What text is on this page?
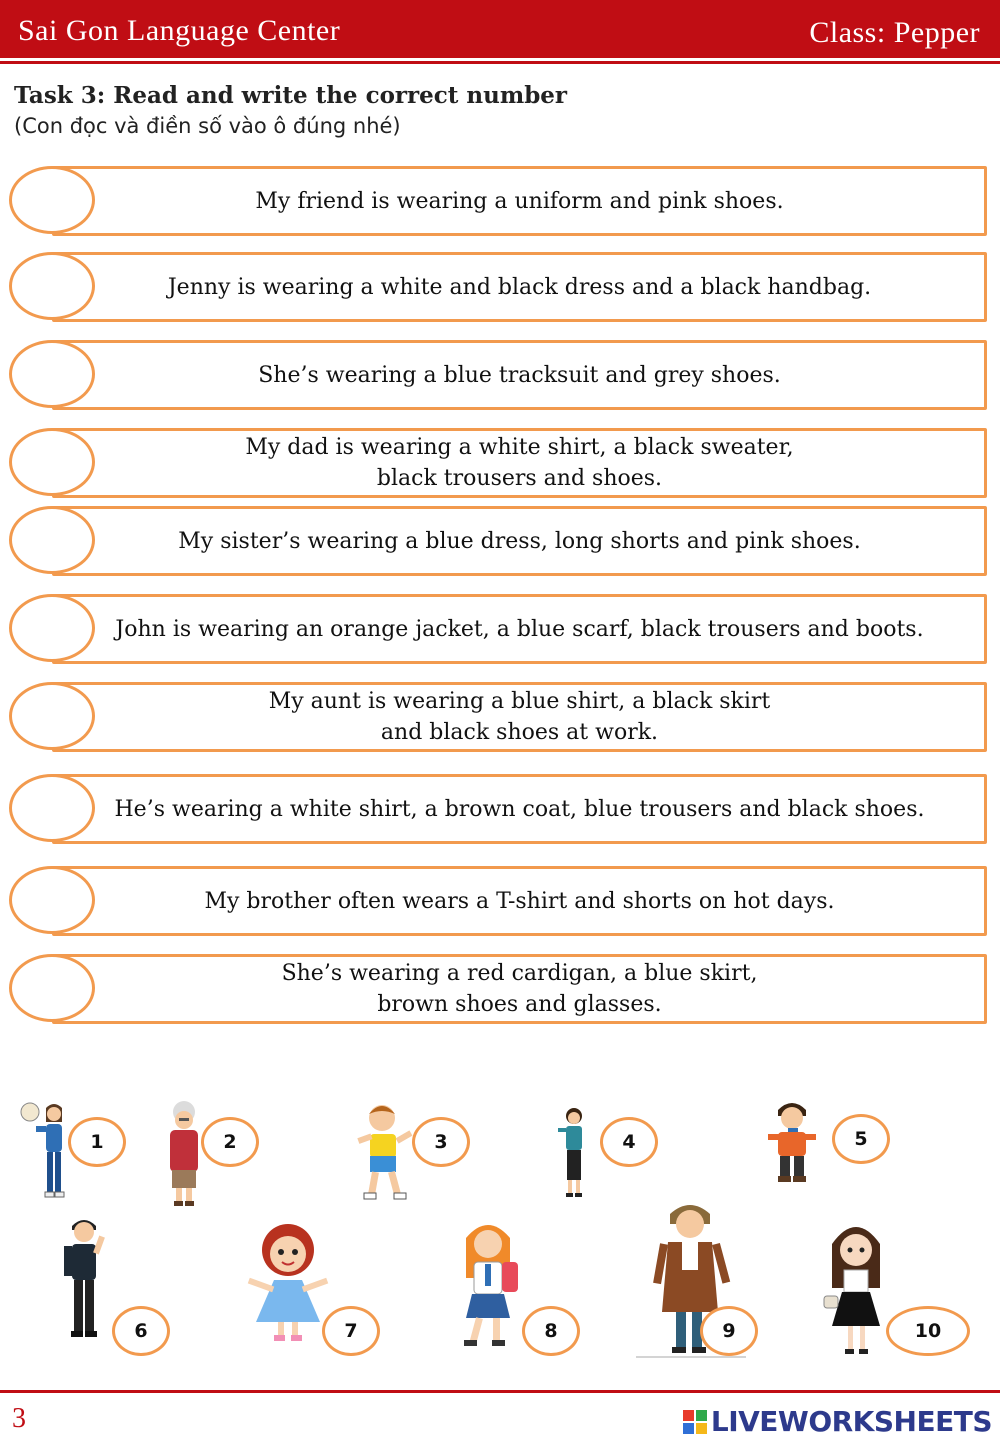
Sai Gon Language Center	Class: Pepper
Task 3: Read and write the correct number
(Con đọc và điền số vào ô đúng nhé)
My friend is wearing a uniform and pink shoes.
Jenny is wearing a white and black dress and a black handbag.
She’s wearing a blue tracksuit and grey shoes.
My dad is wearing a white shirt, a black sweater,
black trousers and shoes.
My sister’s wearing a blue dress, long shorts and pink shoes.
John is wearing an orange jacket, a blue scarf, black trousers and boots.
My aunt is wearing a blue shirt, a black skirt
and black shoes at work.
He’s wearing a white shirt, a brown coat, blue trousers and black shoes.
My brother often wears a T-shirt and shorts on hot days.
She’s wearing a red cardigan, a blue skirt,
brown shoes and glasses.
1	2	3	4	5
6	7	8	9	10
3	LIVEWORKSHEETS
